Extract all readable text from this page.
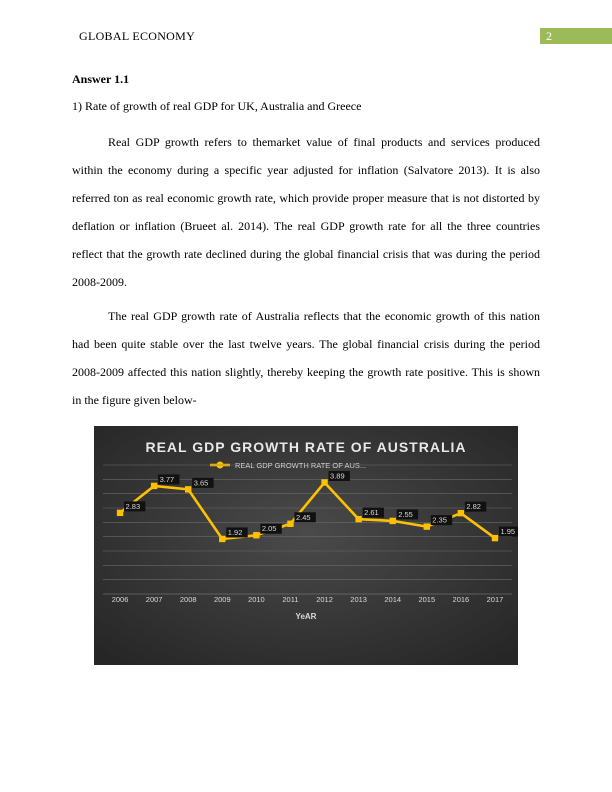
GLOBAL ECONOMY	2
Answer 1.1
1) Rate of growth of real GDP for UK, Australia and Greece

Real GDP growth refers to themarket value of final products and services produced within the economy during a specific year adjusted for inflation (Salvatore 2013). It is also referred ton as real economic growth rate, which provide proper measure that is not distorted by deflation or inflation (Brueet al. 2014). The real GDP growth rate for all the three countries reflect that the growth rate declined during the global financial crisis that was during the period 2008-2009.

The real GDP growth rate of Australia reflects that the economic growth of this nation had been quite stable over the last twelve years. The global financial crisis during the period 2008-2009 affected this nation slightly, thereby keeping the growth rate positive. This is shown in the figure given below-

REAL GDP GROWTH RATE OF AUSTRALIA
REAL GDP GROWTH RATE OF AUS...
2.83
3.77	3.65
1.92	2.05
2.45
3.89
2.61	2.55
2.35
2.82
1.95
2006 2007 2008 2009 2010 2011 2012 2013 2014 2015 2016 2017
YeAR
